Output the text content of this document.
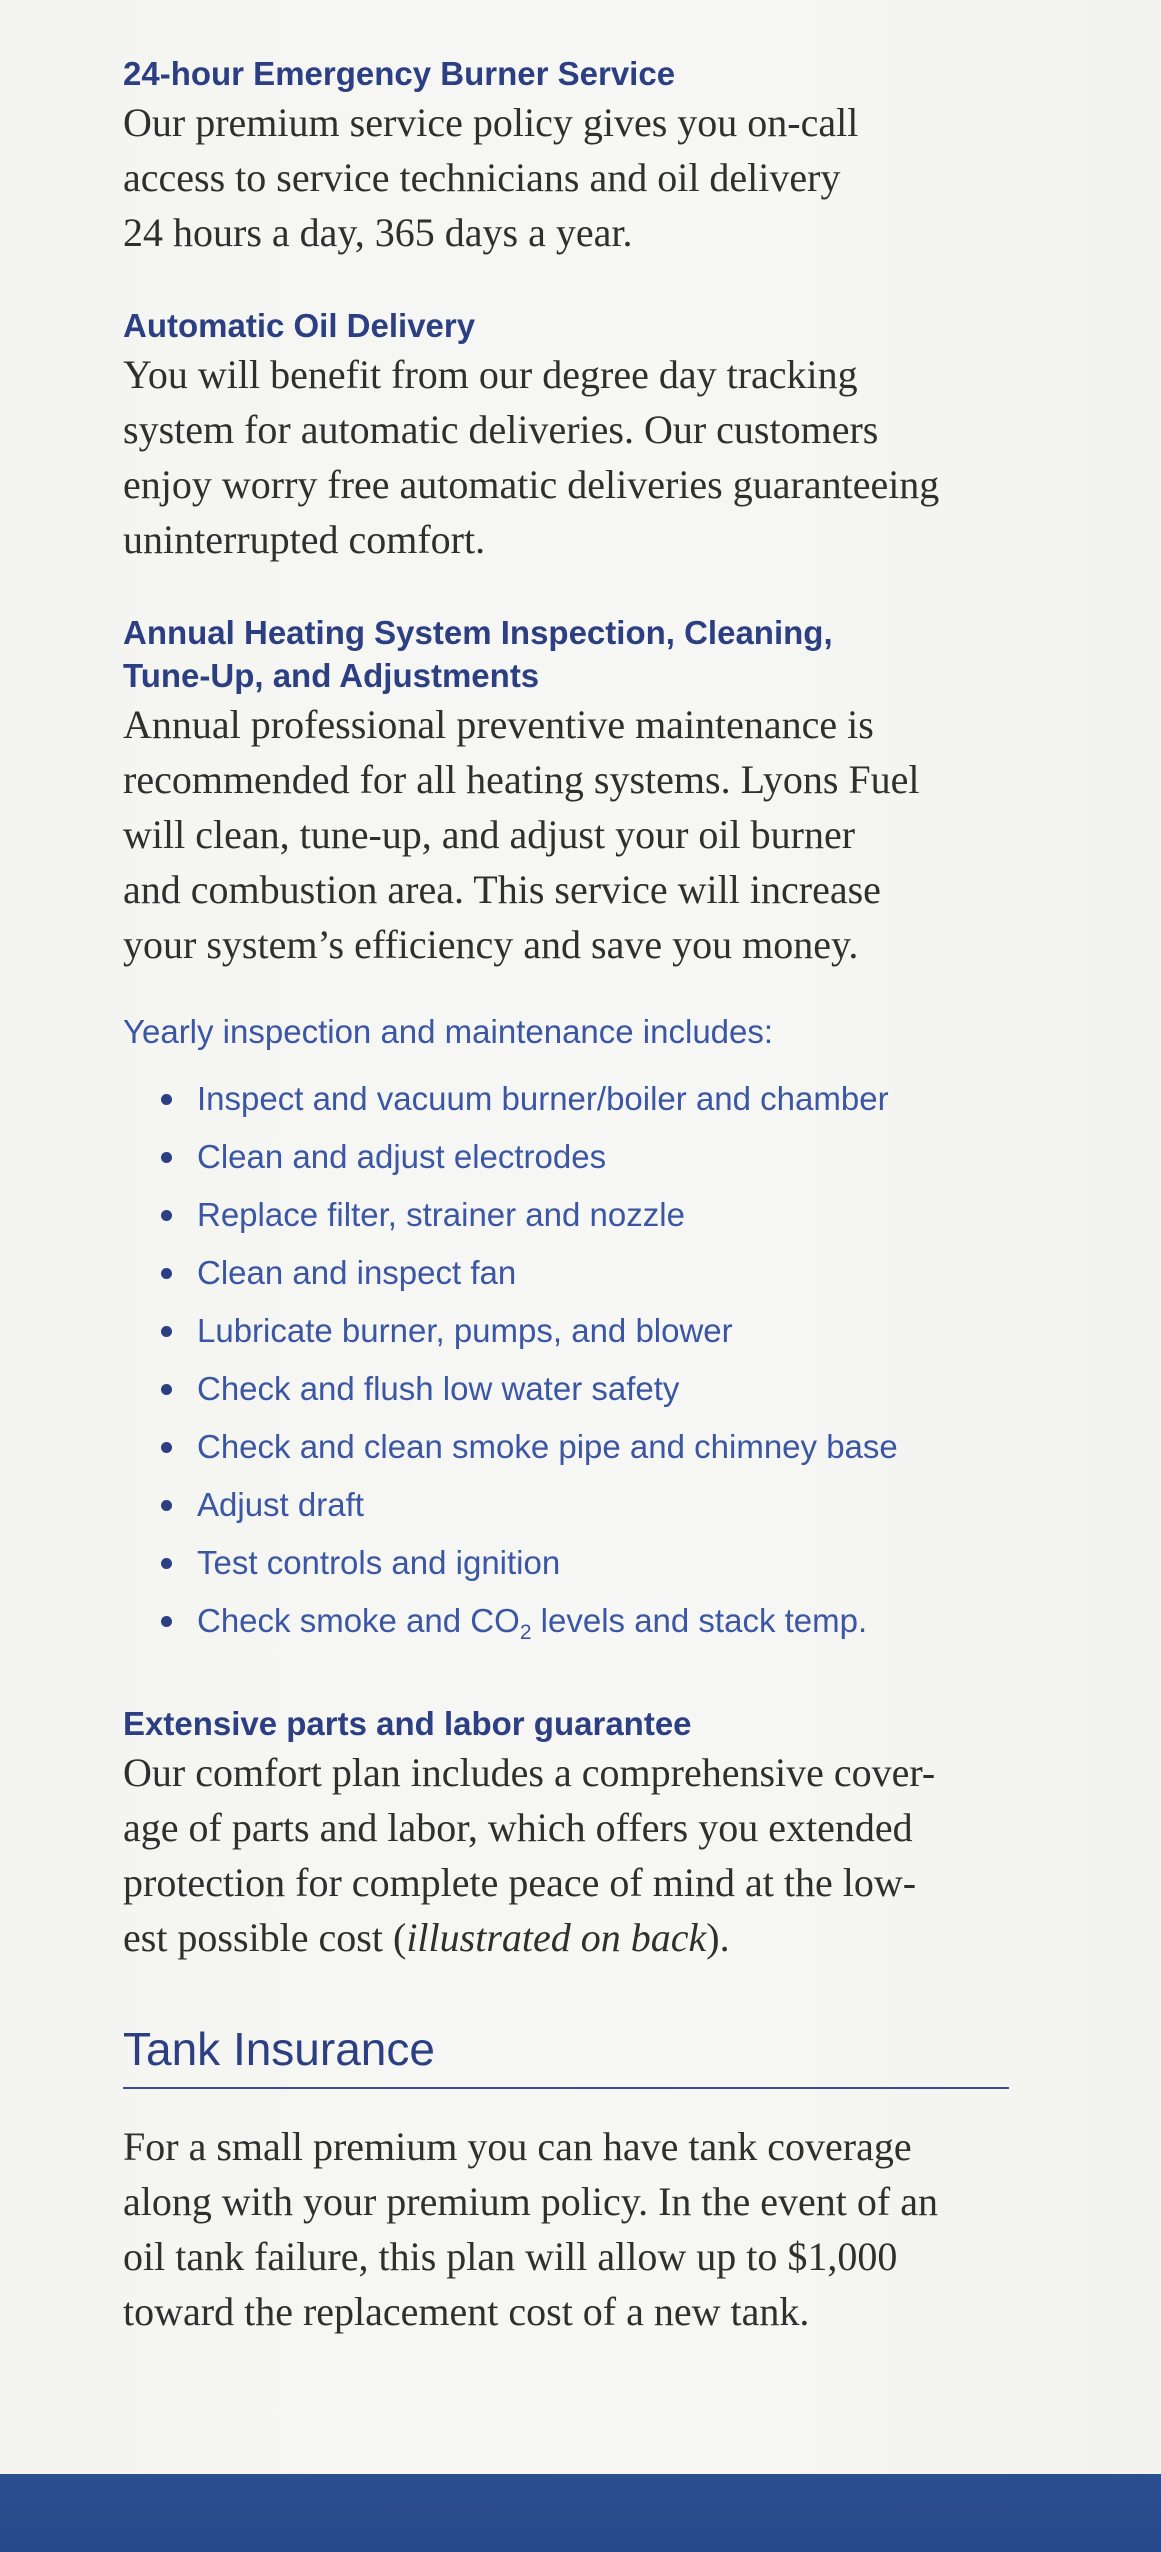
24-hour Emergency Burner Service

Our premium service policy gives you on-call
access to service technicians and oil delivery
24 hours a day, 365 days a year.

Automatic Oil Delivery

You will benefit from our degree day tracking
system for automatic deliveries. Our customers
enjoy worry free automatic deliveries guaranteeing
uninterrupted comfort.

Annual Heating System Inspection, Cleaning,
Tune-Up, and Adjustments

Annual professional preventive maintenance is
recommended for all heating systems. Lyons Fuel
will clean, tune-up, and adjust your oil burner
and combustion area. This service will increase
your system’s efficiency and save you money.

Yearly inspection and maintenance includes:

Inspect and vacuum burner/boiler and chamber
Clean and adjust electrodes
Replace filter, strainer and nozzle
Clean and inspect fan
Lubricate burner, pumps, and blower
Check and flush low water safety
Check and clean smoke pipe and chimney base
Adjust draft
Test controls and ignition
Check smoke and $CO_2$ levels and stack temp.
Extensive parts and labor guarantee

Our comfort plan includes a comprehensive cover-
age of parts and labor, which offers you extended
protection for complete peace of mind at the low-
est possible cost (illustrated on back).

Tank Insurance

For a small premium you can have tank coverage
along with your premium policy. In the event of an
oil tank failure, this plan will allow up to $1,000
toward the replacement cost of a new tank.
